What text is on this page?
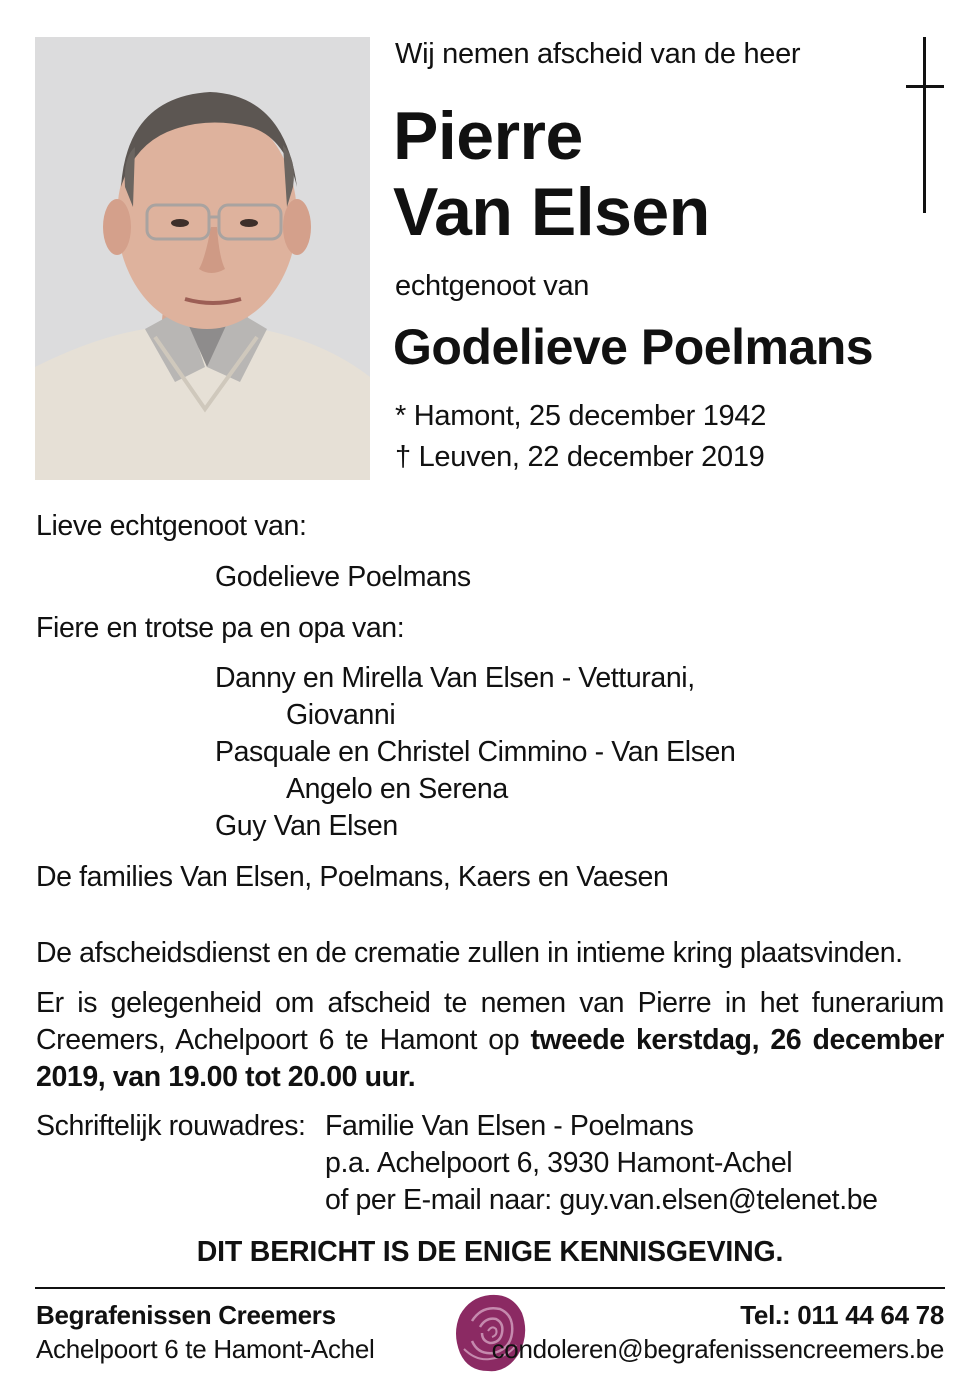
Wij nemen afscheid van de heer
Pierre
Van Elsen
echtgenoot van
Godelieve Poelmans
* Hamont, 25 december 1942
† Leuven, 22 december 2019
Lieve echtgenoot van:
Godelieve Poelmans
Fiere en trotse pa en opa van:
Danny en Mirella Van Elsen - Vetturani,
Giovanni
Pasquale en Christel Cimmino - Van Elsen
Angelo en Serena
Guy Van Elsen
De families Van Elsen, Poelmans, Kaers en Vaesen
De afscheidsdienst en de crematie zullen in intieme kring plaatsvinden.
Er is gelegenheid om afscheid te nemen van Pierre in het funerarium Creemers, Achelpoort 6 te Hamont op tweede kerstdag, 26 december 2019, van 19.00 tot 20.00 uur.
Schriftelijk rouwadres: Familie Van Elsen - Poelmans
p.a. Achelpoort 6, 3930 Hamont-Achel
of per E-mail naar: guy.van.elsen@telenet.be
DIT BERICHT IS DE ENIGE KENNISGEVING.
Begrafenissen Creemers
Achelpoort 6 te Hamont-Achel
Tel.: 011 44 64 78
condoleren@begrafenissencreemers.be
